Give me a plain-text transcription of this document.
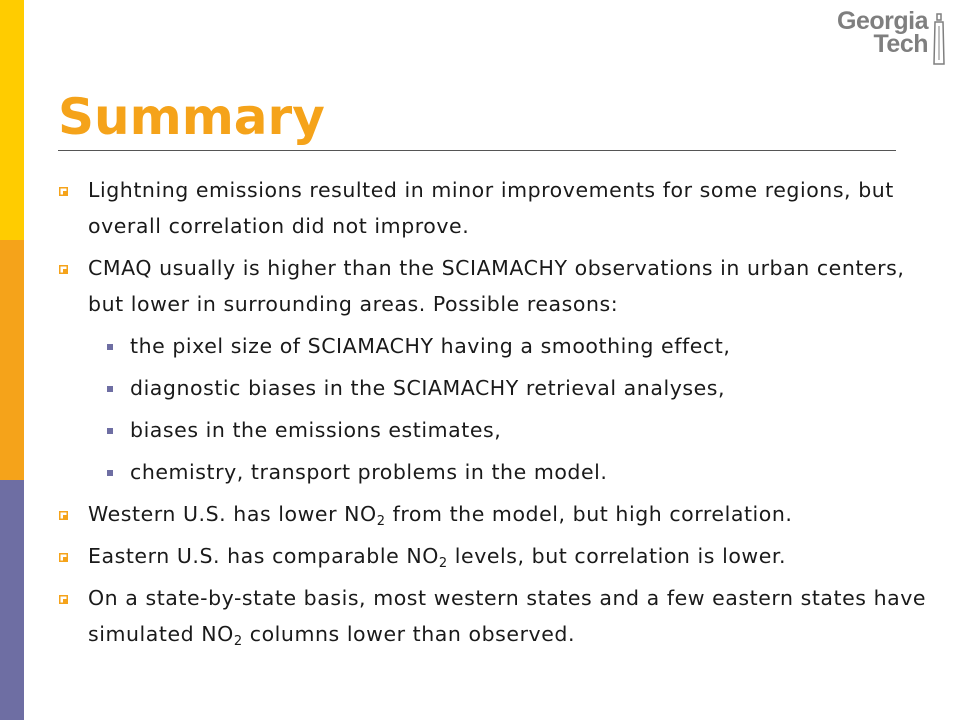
Georgia
Tech
Summary
Lightning emissions resulted in minor improvements for some regions, but overall correlation did not improve.
CMAQ usually is higher than the SCIAMACHY observations in urban centers, but lower in surrounding areas. Possible reasons:
the pixel size of SCIAMACHY having a smoothing effect,
diagnostic biases in the SCIAMACHY retrieval analyses,
biases in the emissions estimates,
chemistry, transport problems in the model.
Western U.S. has lower $NO_2$ from the model, but high correlation.
Eastern U.S. has comparable $NO_2$ levels, but correlation is lower.
On a state-by-state basis, most western states and a few eastern states have simulated $NO_2$ columns lower than observed.
